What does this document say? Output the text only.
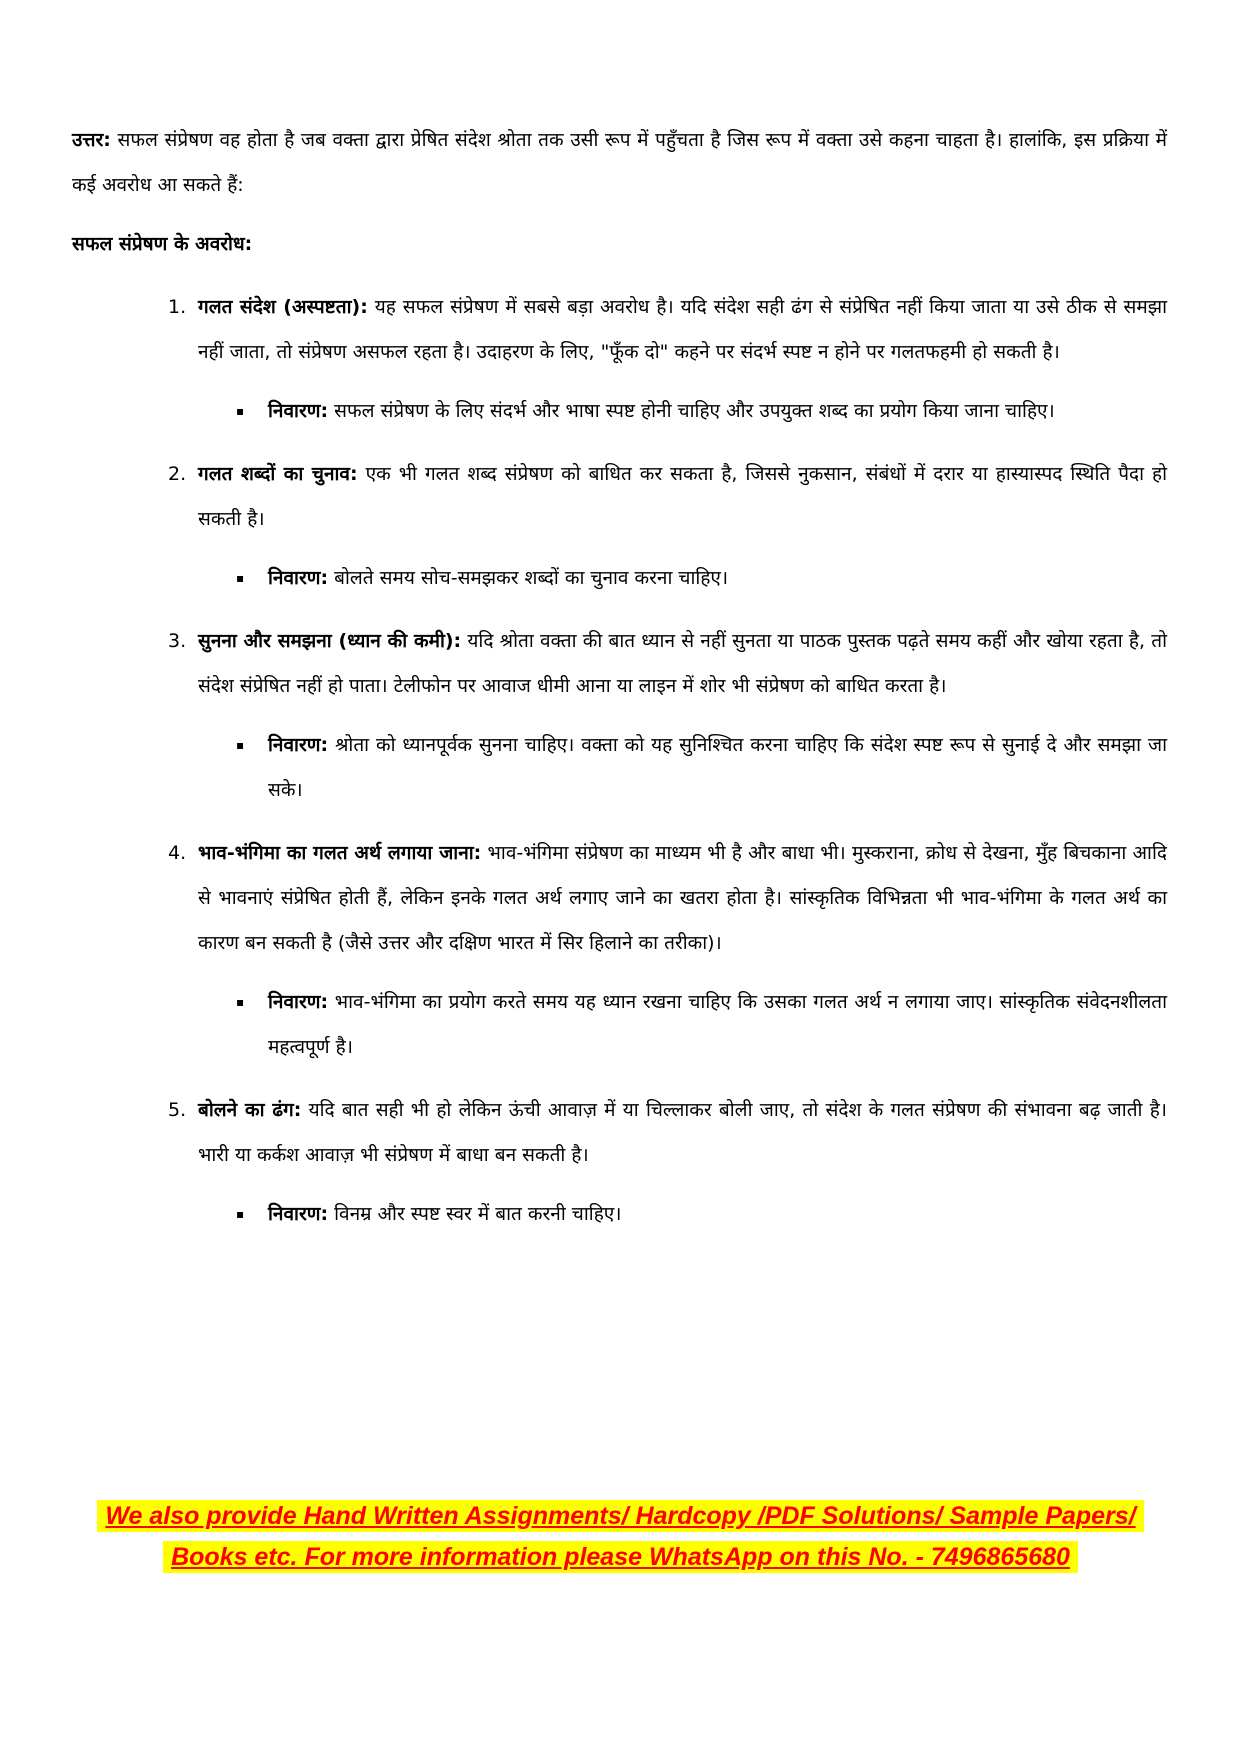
उत्तर: सफल संप्रेषण वह होता है जब वक्ता द्वारा प्रेषित संदेश श्रोता तक उसी रूप में पहुँचता है जिस रूप में वक्ता उसे कहना चाहता है। हालांकि, इस प्रक्रिया में कई अवरोध आ सकते हैं:

सफल संप्रेषण के अवरोध:

1. गलत संदेश (अस्पष्टता): यह सफल संप्रेषण में सबसे बड़ा अवरोध है। यदि संदेश सही ढंग से संप्रेषित नहीं किया जाता या उसे ठीक से समझा नहीं जाता, तो संप्रेषण असफल रहता है। उदाहरण के लिए, "फूँक दो" कहने पर संदर्भ स्पष्ट न होने पर गलतफहमी हो सकती है।

▪	निवारण: सफल संप्रेषण के लिए संदर्भ और भाषा स्पष्ट होनी चाहिए और उपयुक्त शब्द का प्रयोग किया जाना चाहिए।

2. गलत शब्दों का चुनाव: एक भी गलत शब्द संप्रेषण को बाधित कर सकता है, जिससे नुकसान, संबंधों में दरार या हास्यास्पद स्थिति पैदा हो सकती है।

▪	निवारण: बोलते समय सोच-समझकर शब्दों का चुनाव करना चाहिए।

3. सुनना और समझना (ध्यान की कमी): यदि श्रोता वक्ता की बात ध्यान से नहीं सुनता या पाठक पुस्तक पढ़ते समय कहीं और खोया रहता है, तो संदेश संप्रेषित नहीं हो पाता। टेलीफोन पर आवाज धीमी आना या लाइन में शोर भी संप्रेषण को बाधित करता है।

▪	निवारण: श्रोता को ध्यानपूर्वक सुनना चाहिए। वक्ता को यह सुनिश्चित करना चाहिए कि संदेश स्पष्ट रूप से सुनाई दे और समझा जा सके।

4. भाव-भंगिमा का गलत अर्थ लगाया जाना: भाव-भंगिमा संप्रेषण का माध्यम भी है और बाधा भी। मुस्कराना, क्रोध से देखना, मुँह बिचकाना आदि से भावनाएं संप्रेषित होती हैं, लेकिन इनके गलत अर्थ लगाए जाने का खतरा होता है। सांस्कृतिक विभिन्नता भी भाव-भंगिमा के गलत अर्थ का कारण बन सकती है (जैसे उत्तर और दक्षिण भारत में सिर हिलाने का तरीका)।

▪	निवारण: भाव-भंगिमा का प्रयोग करते समय यह ध्यान रखना चाहिए कि उसका गलत अर्थ न लगाया जाए। सांस्कृतिक संवेदनशीलता महत्वपूर्ण है।

5. बोलने का ढंग: यदि बात सही भी हो लेकिन ऊंची आवाज़ में या चिल्लाकर बोली जाए, तो संदेश के गलत संप्रेषण की संभावना बढ़ जाती है। भारी या कर्कश आवाज़ भी संप्रेषण में बाधा बन सकती है।

▪	निवारण: विनम्र और स्पष्ट स्वर में बात करनी चाहिए।

We also provide Hand Written Assignments/ Hardcopy /PDF Solutions/ Sample Papers/
Books etc. For more information please WhatsApp on this No. - 7496865680
